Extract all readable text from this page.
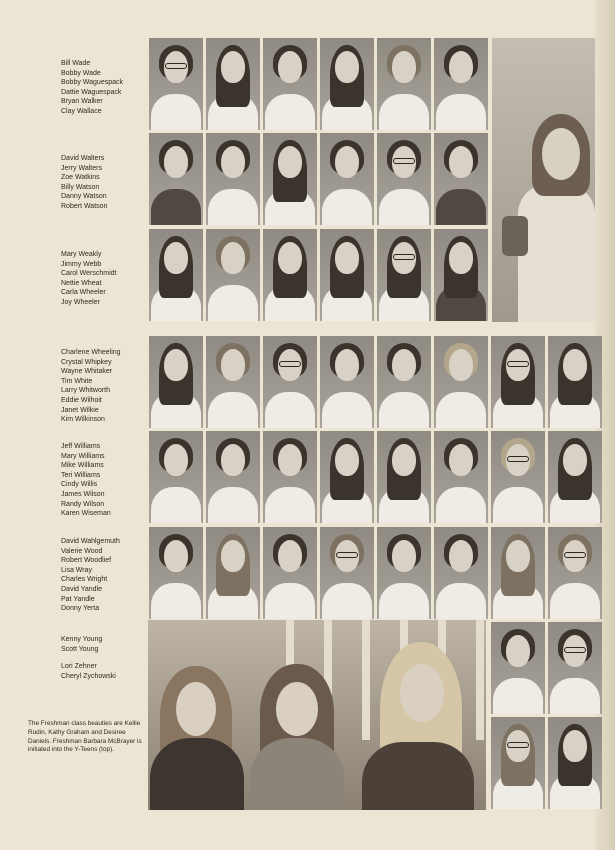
Bill Wade
Bobby Wade
Bobby Waguespack
Dattie Waguespack
Bryan Walker
Clay Wallace
David Walters
Jerry Walters
Zoe Watkins
Billy Watson
Danny Watson
Robert Watson
Mary Weakly
Jimmy Webb
Carol Werschmidt
Nettie Wheat
Carla Wheeler
Joy Wheeler
Charlene Wheeling
Crystal Whipkey
Wayne Whitaker
Tim White
Larry Whitworth
Eddie Wilhoit
Janet Wilkie
Kim Wilkinson
Jeff Williams
Mary Williams
Mike Williams
Teri Williams
Cindy Willis
James Wilson
Randy Wilson
Karen Wiseman
David Wahlgemuth
Valerie Wood
Robert Woodlief
Lisa Wray
Charles Wright
David Yandle
Pat Yandle
Donny Yerta
Kenny Young
Scott Young
Lori Zehner
Cheryl Zychowski
The Freshman class beauties are Kellie Rudin, Kathy Graham and Desiree Daniels. Freshman Barbara McBrayer is initiated into the Y-Teens (top).
